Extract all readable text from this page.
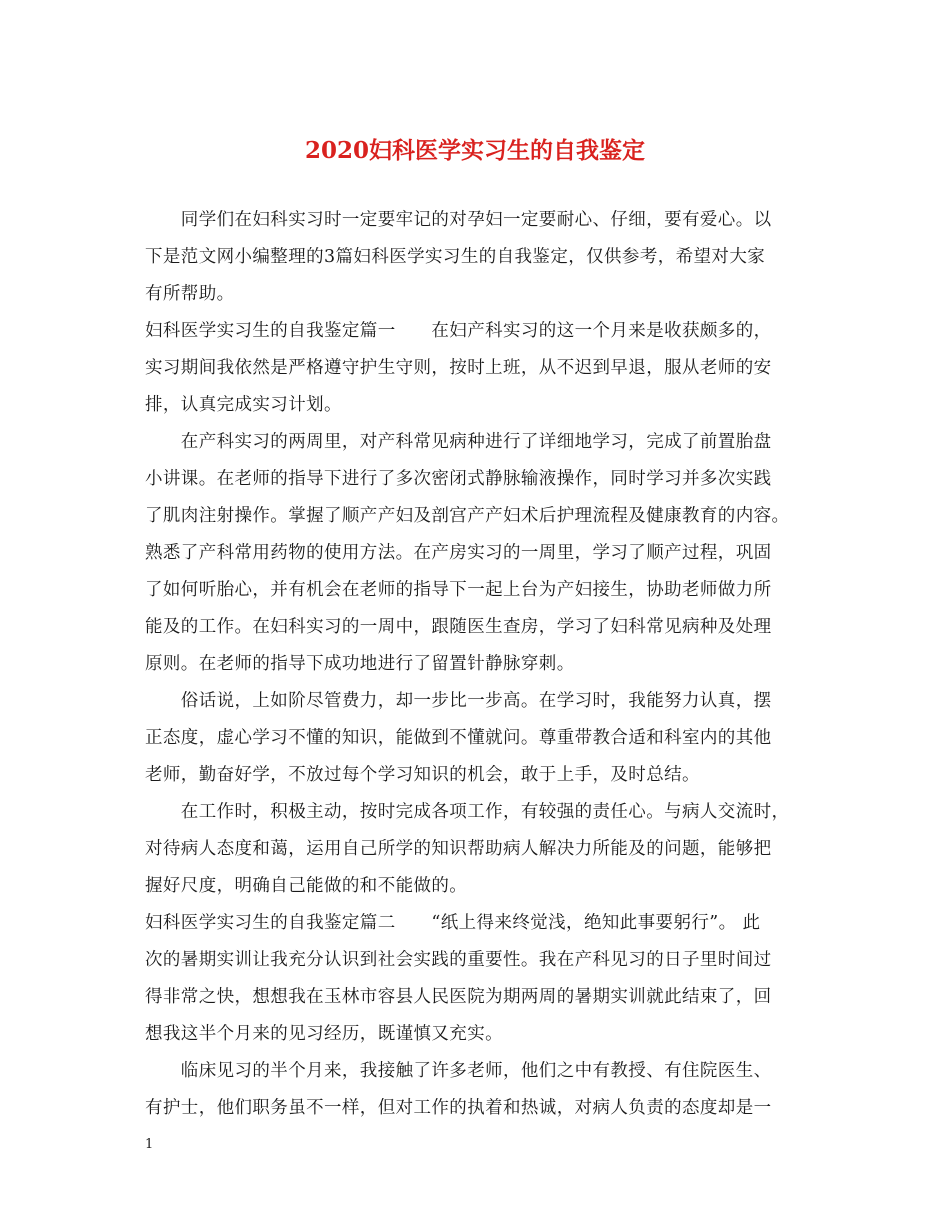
2020妇科医学实习生的自我鉴定
　　同学们在妇科实习时一定要牢记的对孕妇一定要耐心、仔细，要有爱心。以
下是范文网小编整理的3篇妇科医学实习生的自我鉴定，仅供参考，希望对大家
有所帮助。
妇科医学实习生的自我鉴定篇一　　在妇产科实习的这一个月来是收获颇多的，
实习期间我依然是严格遵守护生守则，按时上班，从不迟到早退，服从老师的安
排，认真完成实习计划。
　　在产科实习的两周里，对产科常见病种进行了详细地学习，完成了前置胎盘
小讲课。在老师的指导下进行了多次密闭式静脉输液操作，同时学习并多次实践
了肌肉注射操作。掌握了顺产产妇及剖宫产产妇术后护理流程及健康教育的内容。
熟悉了产科常用药物的使用方法。在产房实习的一周里，学习了顺产过程，巩固
了如何听胎心，并有机会在老师的指导下一起上台为产妇接生，协助老师做力所
能及的工作。在妇科实习的一周中，跟随医生查房，学习了妇科常见病种及处理
原则。在老师的指导下成功地进行了留置针静脉穿刺。
　　俗话说，上如阶尽管费力，却一步比一步高。在学习时，我能努力认真，摆
正态度，虚心学习不懂的知识，能做到不懂就问。尊重带教合适和科室内的其他
老师，勤奋好学，不放过每个学习知识的机会，敢于上手，及时总结。
　　在工作时，积极主动，按时完成各项工作，有较强的责任心。与病人交流时，
对待病人态度和蔼，运用自己所学的知识帮助病人解决力所能及的问题，能够把
握好尺度，明确自己能做的和不能做的。
妇科医学实习生的自我鉴定篇二　　“纸上得来终觉浅，绝知此事要躬行”。 此
次的暑期实训让我充分认识到社会实践的重要性。我在产科见习的日子里时间过
得非常之快，想想我在玉林市容县人民医院为期两周的暑期实训就此结束了，回
想我这半个月来的见习经历，既谨慎又充实。
　　临床见习的半个月来，我接触了许多老师，他们之中有教授、有住院医生、
有护士，他们职务虽不一样，但对工作的执着和热诚，对病人负责的态度却是一
1
